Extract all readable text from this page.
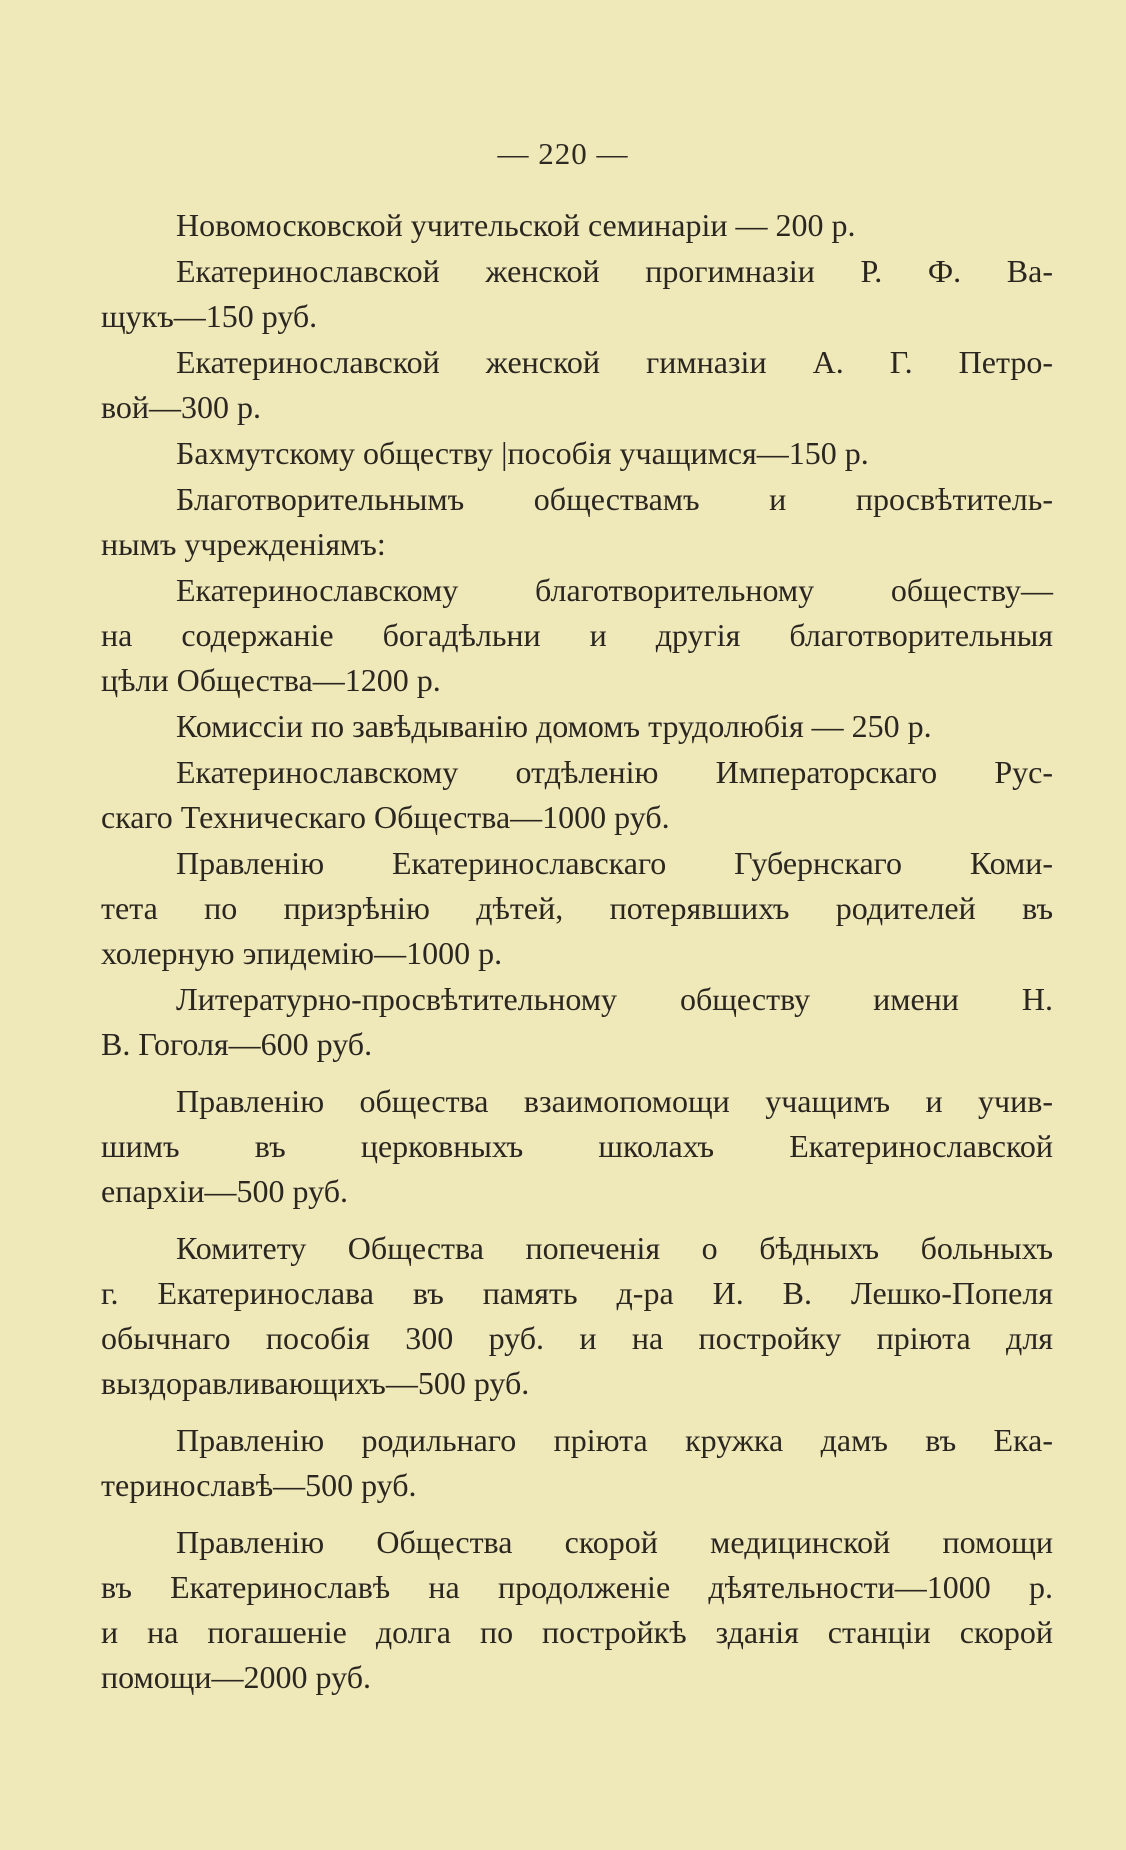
— 220 —
Новомосковской учительской семинаріи — 200 р.
Екатеринославской женской прогимназіи Р. Ф. Ва-
щукъ—150 руб.
Екатеринославской женской гимназіи А. Г. Петро-
вой—300 р.
Бахмутскому обществу |пособія учащимся—150 р.
Благотворительнымъ обществамъ и просвѣтитель-
нымъ учрежденіямъ:
Екатеринославскому благотворительному обществу—
на содержаніе богадѣльни и другія благотворительныя
цѣли Общества—1200 р.
Комиссіи по завѣдыванію домомъ трудолюбія — 250 р.
Екатеринославскому отдѣленію Императорскаго Рус-
скаго Техническаго Общества—1000 руб.
Правленію Екатеринославскаго Губернскаго Коми-
тета по призрѣнію дѣтей, потерявшихъ родителей въ
холерную эпидемію—1000 р.
Литературно-просвѣтительному обществу имени Н.
В. Гоголя—600 руб.
Правленію общества взаимопомощи учащимъ и учив-
шимъ въ церковныхъ школахъ Екатеринославской
епархіи—500 руб.
Комитету Общества попеченія о бѣдныхъ больныхъ
г. Екатеринослава въ память д-ра И. В. Лешко-Попеля
обычнаго пособія 300 руб. и на постройку пріюта для
выздоравливающихъ—500 руб.
Правленію родильнаго пріюта кружка дамъ въ Ека-
теринославѣ—500 руб.
Правленію Общества скорой медицинской помощи
въ Екатеринославѣ на продолженіе дѣятельности—1000 р.
и на погашеніе долга по постройкѣ зданія станціи скорой
помощи—2000 руб.
